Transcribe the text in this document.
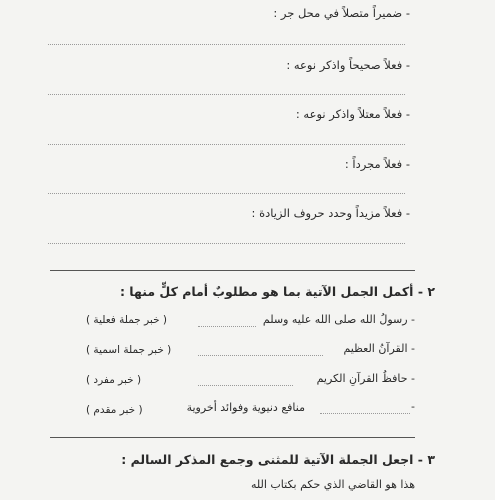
- ضميراً متصلاً في محل جر :
- فعلاً صحيحاً واذكر نوعه :
- فعلاً معتلاً واذكر نوعه :
- فعلاً مجرداً :
- فعلاً مزيداً وحدد حروف الزيادة :
٢ - أكمل الجمل الآتية بما هو مطلوبٌ أمام كلٍّ منها :
- رسولُ الله صلى الله عليه وسلم
( خبر جملة فعلية )
- القرآنُ العظيم
( خبر جملة اسمية )
- حافظُ القرآنِ الكريم
( خبر مفرد )
-
منافع دنيوية وفوائد أخروية
( خبر مقدم )
٣ - اجعل الجملة الآتية للمثنى وجمع المذكر السالم :
هذا هو القاضي الذي حكم بكتاب الله
